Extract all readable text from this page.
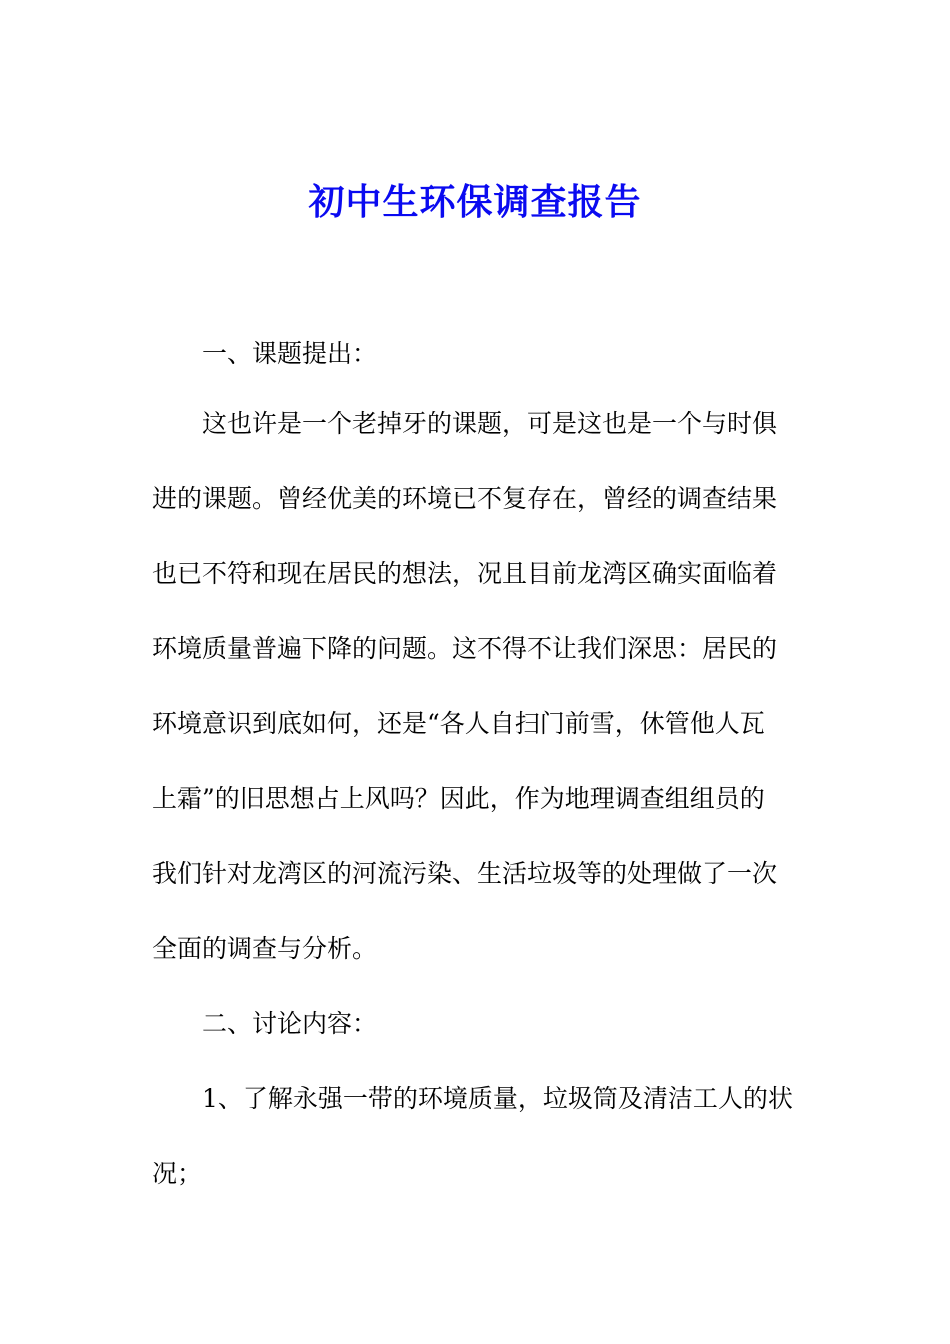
初中生环保调查报告
一、课题提出：
这也许是一个老掉牙的课题，可是这也是一个与时俱
进的课题。曾经优美的环境已不复存在，曾经的调查结果
也已不符和现在居民的想法，况且目前龙湾区确实面临着
环境质量普遍下降的问题。这不得不让我们深思：居民的
环境意识到底如何，还是“各人自扫门前雪，休管他人瓦
上霜”的旧思想占上风吗？因此，作为地理调查组组员的
我们针对龙湾区的河流污染、生活垃圾等的处理做了一次
全面的调查与分析。
二、讨论内容：
1、了解永强一带的环境质量，垃圾筒及清洁工人的状
况；
